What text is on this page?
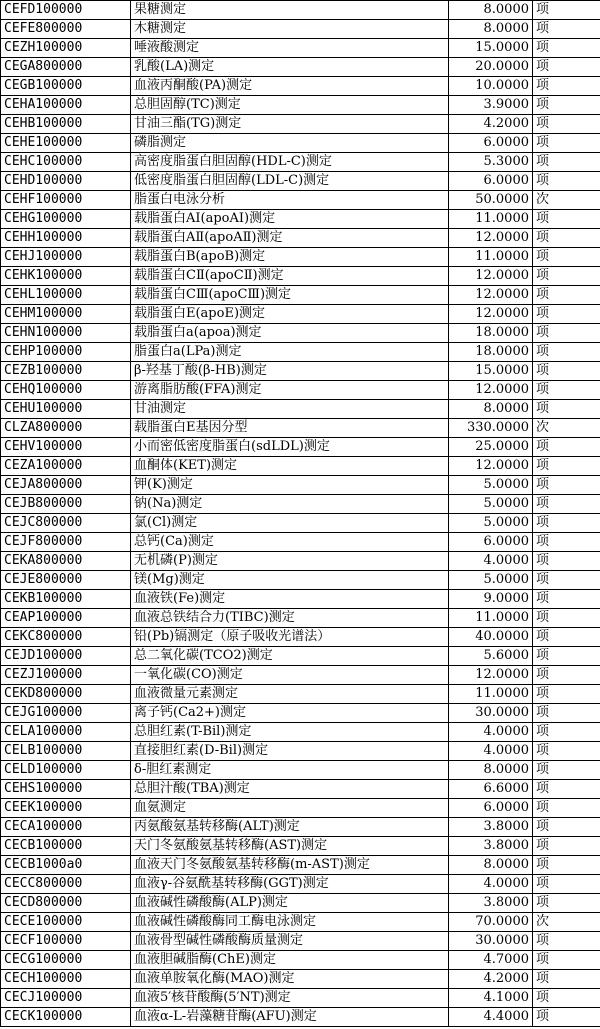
CEFD100000	果糖测定	8.0000	项
CEFE800000	木糖测定	8.0000	项
CEZH100000	唾液酸测定	15.0000	项
CEGA800000	乳酸(LA)测定	20.0000	项
CEGB100000	血液丙酮酸(PA)测定	10.0000	项
CEHA100000	总胆固醇(TC)测定	3.9000	项
CEHB100000	甘油三酯(TG)测定	4.2000	项
CEHE100000	磷脂测定	6.0000	项
CEHC100000	高密度脂蛋白胆固醇(HDL-C)测定	5.3000	项
CEHD100000	低密度脂蛋白胆固醇(LDL-C)测定	6.0000	项
CEHF100000	脂蛋白电泳分析	50.0000	次
CEHG100000	载脂蛋白AⅠ(apoAⅠ)测定	11.0000	项
CEHH100000	载脂蛋白AⅡ(apoAⅡ)测定	12.0000	项
CEHJ100000	载脂蛋白B(apoB)测定	11.0000	项
CEHK100000	载脂蛋白CⅡ(apoCⅡ)测定	12.0000	项
CEHL100000	载脂蛋白CⅢ(apoCⅢ)测定	12.0000	项
CEHM100000	载脂蛋白E(apoE)测定	12.0000	项
CEHN100000	载脂蛋白a(apoa)测定	18.0000	项
CEHP100000	脂蛋白a(LPa)测定	18.0000	项
CEZB100000	β-羟基丁酸(β-HB)测定	15.0000	项
CEHQ100000	游离脂肪酸(FFA)测定	12.0000	项
CEHU100000	甘油测定	8.0000	项
CLZA800000	载脂蛋白E基因分型	330.0000	次
CEHV100000	小而密低密度脂蛋白(sdLDL)测定	25.0000	项
CEZA100000	血酮体(KET)测定	12.0000	项
CEJA800000	钾(K)测定	5.0000	项
CEJB800000	钠(Na)测定	5.0000	项
CEJC800000	氯(Cl)测定	5.0000	项
CEJF800000	总钙(Ca)测定	6.0000	项
CEKA800000	无机磷(P)测定	4.0000	项
CEJE800000	镁(Mg)测定	5.0000	项
CEKB100000	血液铁(Fe)测定	9.0000	项
CEAP100000	血液总铁结合力(TIBC)测定	11.0000	项
CEKC800000	铅(Pb)镉测定（原子吸收光谱法）	40.0000	项
CEJD100000	总二氧化碳(TCO2)测定	5.6000	项
CEZJ100000	一氧化碳(CO)测定	12.0000	项
CEKD800000	血液微量元素测定	11.0000	项
CEJG100000	离子钙(Ca2+)测定	30.0000	项
CELA100000	总胆红素(T-Bil)测定	4.0000	项
CELB100000	直接胆红素(D-Bil)测定	4.0000	项
CELD100000	δ-胆红素测定	8.0000	项
CEHS100000	总胆汁酸(TBA)测定	6.6000	项
CEEK100000	血氨测定	6.0000	项
CECA100000	丙氨酸氨基转移酶(ALT)测定	3.8000	项
CECB100000	天门冬氨酸氨基转移酶(AST)测定	3.8000	项
CECB1000a0	血液天门冬氨酸氨基转移酶(m-AST)测定	8.0000	项
CECC800000	血液γ-谷氨酰基转移酶(GGT)测定	4.0000	项
CECD800000	血液碱性磷酸酶(ALP)测定	3.8000	项
CECE100000	血液碱性磷酸酶同工酶电泳测定	70.0000	次
CECF100000	血液骨型碱性磷酸酶质量测定	30.0000	项
CECG100000	血液胆碱脂酶(ChE)测定	4.7000	项
CECH100000	血液单胺氧化酶(MAO)测定	4.2000	项
CECJ100000	血液5′核苷酸酶(5′NT)测定	4.1000	项
CECK100000	血液α-L-岩藻糖苷酶(AFU)测定	4.4000	项
